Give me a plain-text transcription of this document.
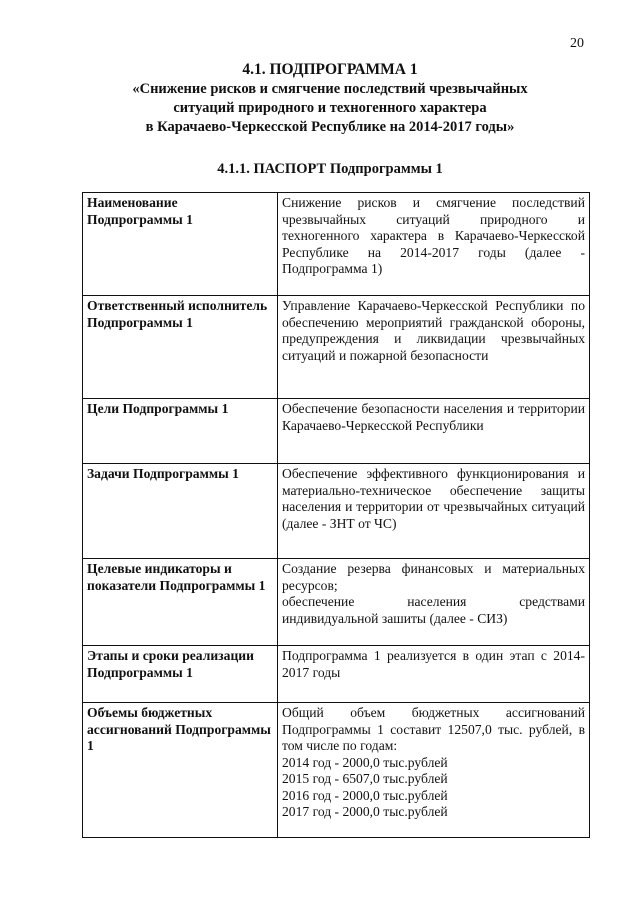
20
4.1. ПОДПРОГРАММА 1
«Снижение рисков и смягчение последствий чрезвычайных
ситуаций природного и техногенного характера
в Карачаево-Черкесской Республике на 2014-2017 годы»
4.1.1. ПАСПОРТ Подпрограммы 1
Наименование Подпрограммы 1	Снижение рисков и смягчение последствий чрезвычайных ситуаций природного и техногенного характера в Карачаево-Черкесской Республике на 2014-2017 годы (далее - Подпрограмма 1)
Ответственный исполнитель Подпрограммы 1	Управление Карачаево-Черкесской Республики по обеспечению мероприятий гражданской обороны, предупреждения и ликвидации чрезвычайных ситуаций и пожарной безопасности
Цели Подпрограммы 1	Обеспечение безопасности населения и территории Карачаево-Черкесской Республики
Задачи Подпрограммы 1	Обеспечение эффективного функционирования и материально-техническое обеспечение защиты населения и территории от чрезвычайных ситуаций (далее - ЗНТ от ЧС)
Целевые индикаторы и показатели Подпрограммы 1	Создание резерва финансовых и материальных ресурсов;
обеспечение населения средствами индивидуальной зашиты (далее - СИЗ)

Этапы и сроки реализации Подпрограммы 1	Подпрограмма 1 реализуется в один этап с 2014-2017 годы
Объемы бюджетных ассигнований Подпрограммы 1	Общий объем бюджетных ассигнований Подпрограммы 1 составит 12507,0 тыс. рублей, в том числе по годам:
2014 год - 2000,0 тыс.рублей
2015 год - 6507,0 тыс.рублей
2016 год - 2000,0 тыс.рублей
2017 год - 2000,0 тыс.рублей
